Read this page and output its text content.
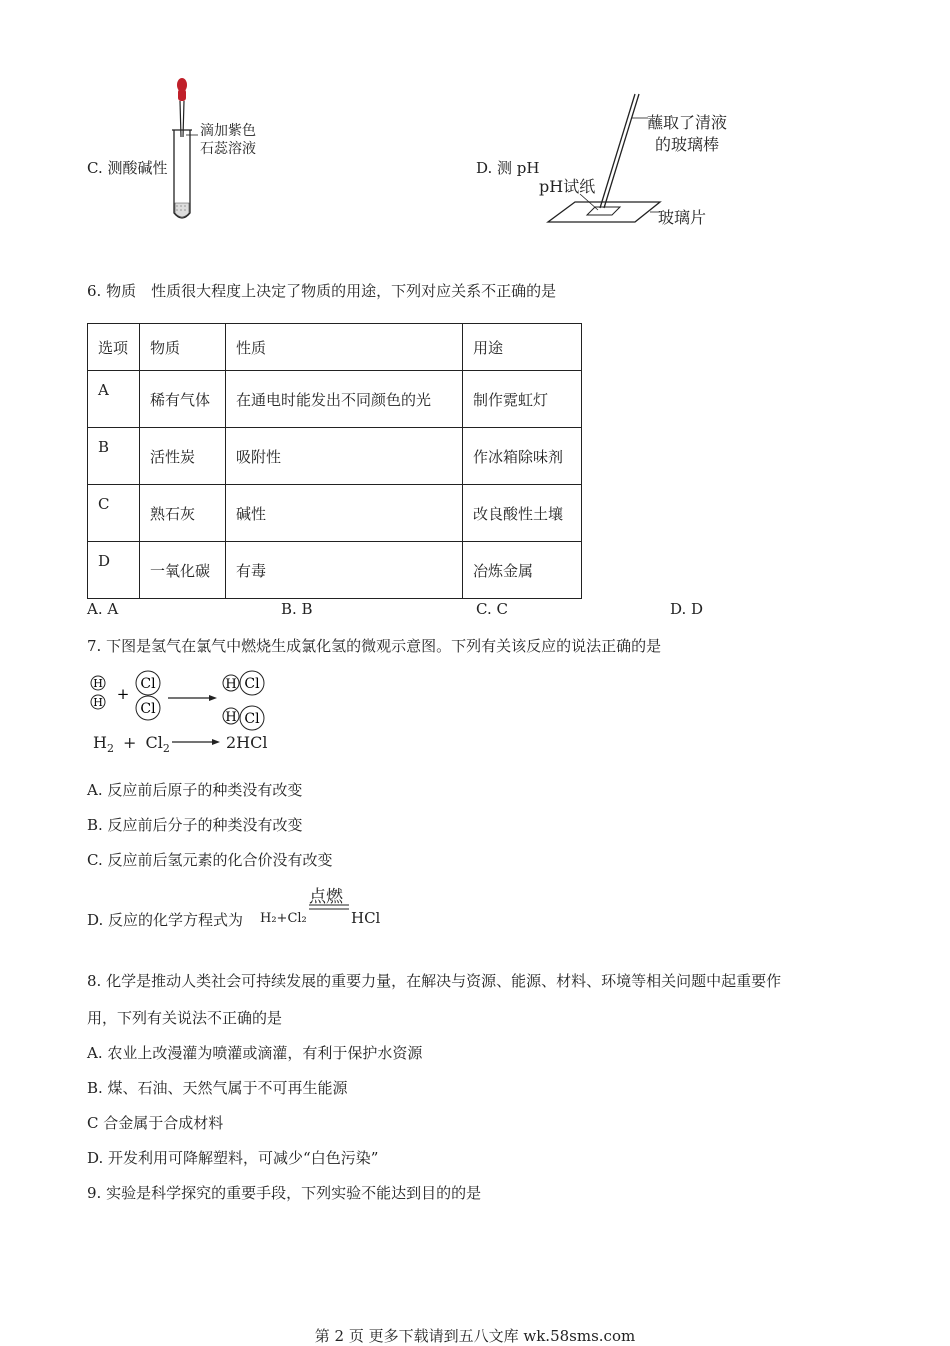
C. 测酸碱性
滴加紫色
石蕊溶液
D. 测 pH
蘸取了清液
的玻璃棒
pH试纸
玻璃片
6. 物质　性质很大程度上决定了物质的用途，下列对应关系不正确的是
选项	物质	性质	用途
A	稀有气体	在通电时能发出不同颜色的光	制作霓虹灯
B	活性炭	吸附性	作冰箱除味剂
C	熟石灰	碱性	改良酸性土壤
D	一氧化碳	有毒	冶炼金属
A. A	B. B	C. C	D. D
7. 下图是氢气在氯气中燃烧生成氯化氢的微观示意图。下列有关该反应的说法正确的是
H
H +
Cl
Cl
H Cl
H Cl
$H_2 + Cl_2$	2HCl
A. 反应前后原子的种类没有改变
B. 反应前后分子的种类没有改变
C. 反应前后氢元素的化合价没有改变
D. 反应的化学方程式为 H₂+Cl₂
点燃
HCl
8. 化学是推动人类社会可持续发展的重要力量，在解决与资源、能源、材料、环境等相关问题中起重要作
用，下列有关说法不正确的是
A. 农业上改漫灌为喷灌或滴灌，有利于保护水资源
B. 煤、石油、天然气属于不可再生能源
C 合金属于合成材料
D. 开发利用可降解塑料，可减少“白色污染”
9. 实验是科学探究的重要手段，下列实验不能达到目的的是
第 2 页 更多下载请到五八文库 wk.58sms.com
